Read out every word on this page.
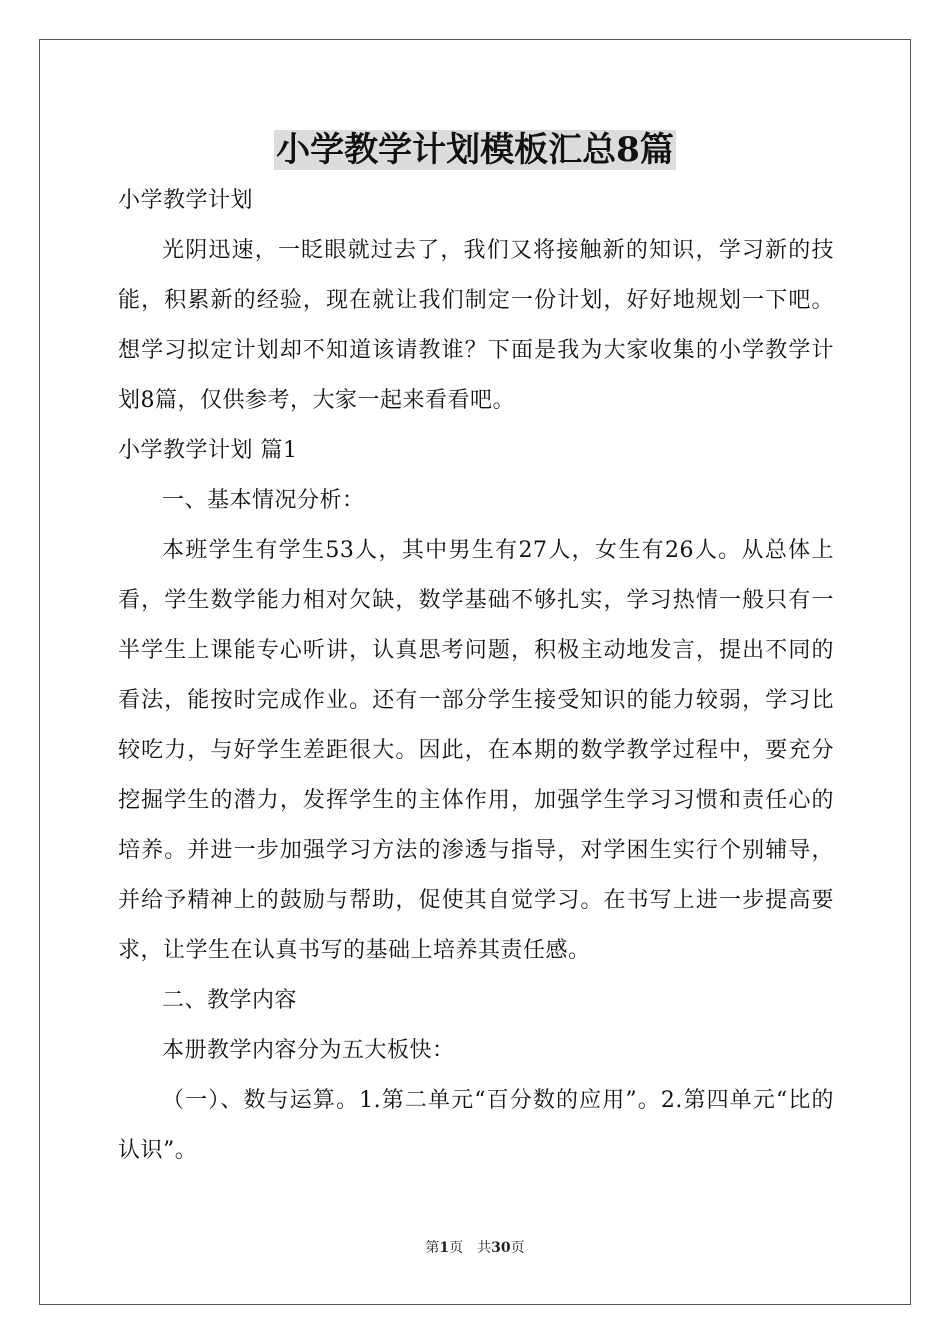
小学教学计划模板汇总8篇

小学教学计划

光阴迅速，一眨眼就过去了，我们又将接触新的知识，学习新的技能，积累新的经验，现在就让我们制定一份计划，好好地规划一下吧。想学习拟定计划却不知道该请教谁？下面是我为大家收集的小学教学计划8篇，仅供参考，大家一起来看看吧。

小学教学计划 篇1

一、基本情况分析：

本班学生有学生53人，其中男生有27人，女生有26人。从总体上看，学生数学能力相对欠缺，数学基础不够扎实，学习热情一般只有一半学生上课能专心听讲，认真思考问题，积极主动地发言，提出不同的看法，能按时完成作业。还有一部分学生接受知识的能力较弱，学习比较吃力，与好学生差距很大。因此，在本期的数学教学过程中，要充分挖掘学生的潜力，发挥学生的主体作用，加强学生学习习惯和责任心的培养。并进一步加强学习方法的渗透与指导，对学困生实行个别辅导，并给予精神上的鼓励与帮助，促使其自觉学习。在书写上进一步提高要求，让学生在认真书写的基础上培养其责任感。

二、教学内容

本册教学内容分为五大板快：

（一）、数与运算。1.第二单元“百分数的应用”。2.第四单元“比的认识”。

第1页　共30页
